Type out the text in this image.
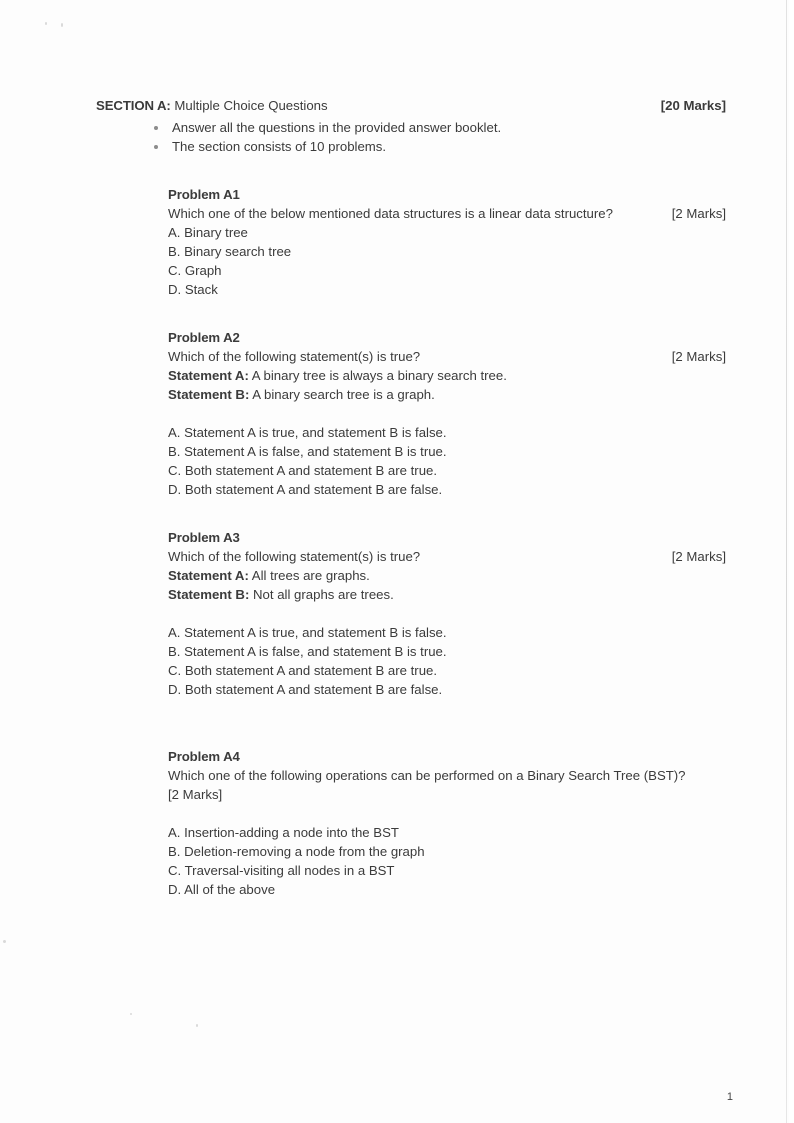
SECTION A: Multiple Choice Questions	[20 Marks]
Answer all the questions in the provided answer booklet.
The section consists of 10 problems.
Problem A1
Which one of the below mentioned data structures is a linear data structure?	[2 Marks]
A. Binary tree
B. Binary search tree
C. Graph
D. Stack
Problem A2
Which of the following statement(s) is true?	[2 Marks]
Statement A: A binary tree is always a binary search tree.
Statement B: A binary search tree is a graph.
A. Statement A is true, and statement B is false.
B. Statement A is false, and statement B is true.
C. Both statement A and statement B are true.
D. Both statement A and statement B are false.
Problem A3
Which of the following statement(s) is true?	[2 Marks]
Statement A: All trees are graphs.
Statement B: Not all graphs are trees.
A. Statement A is true, and statement B is false.
B. Statement A is false, and statement B is true.
C. Both statement A and statement B are true.
D. Both statement A and statement B are false.
Problem A4
Which one of the following operations can be performed on a Binary Search Tree (BST)?
[2 Marks]
A. Insertion-adding a node into the BST
B. Deletion-removing a node from the graph
C. Traversal-visiting all nodes in a BST
D. All of the above
1
